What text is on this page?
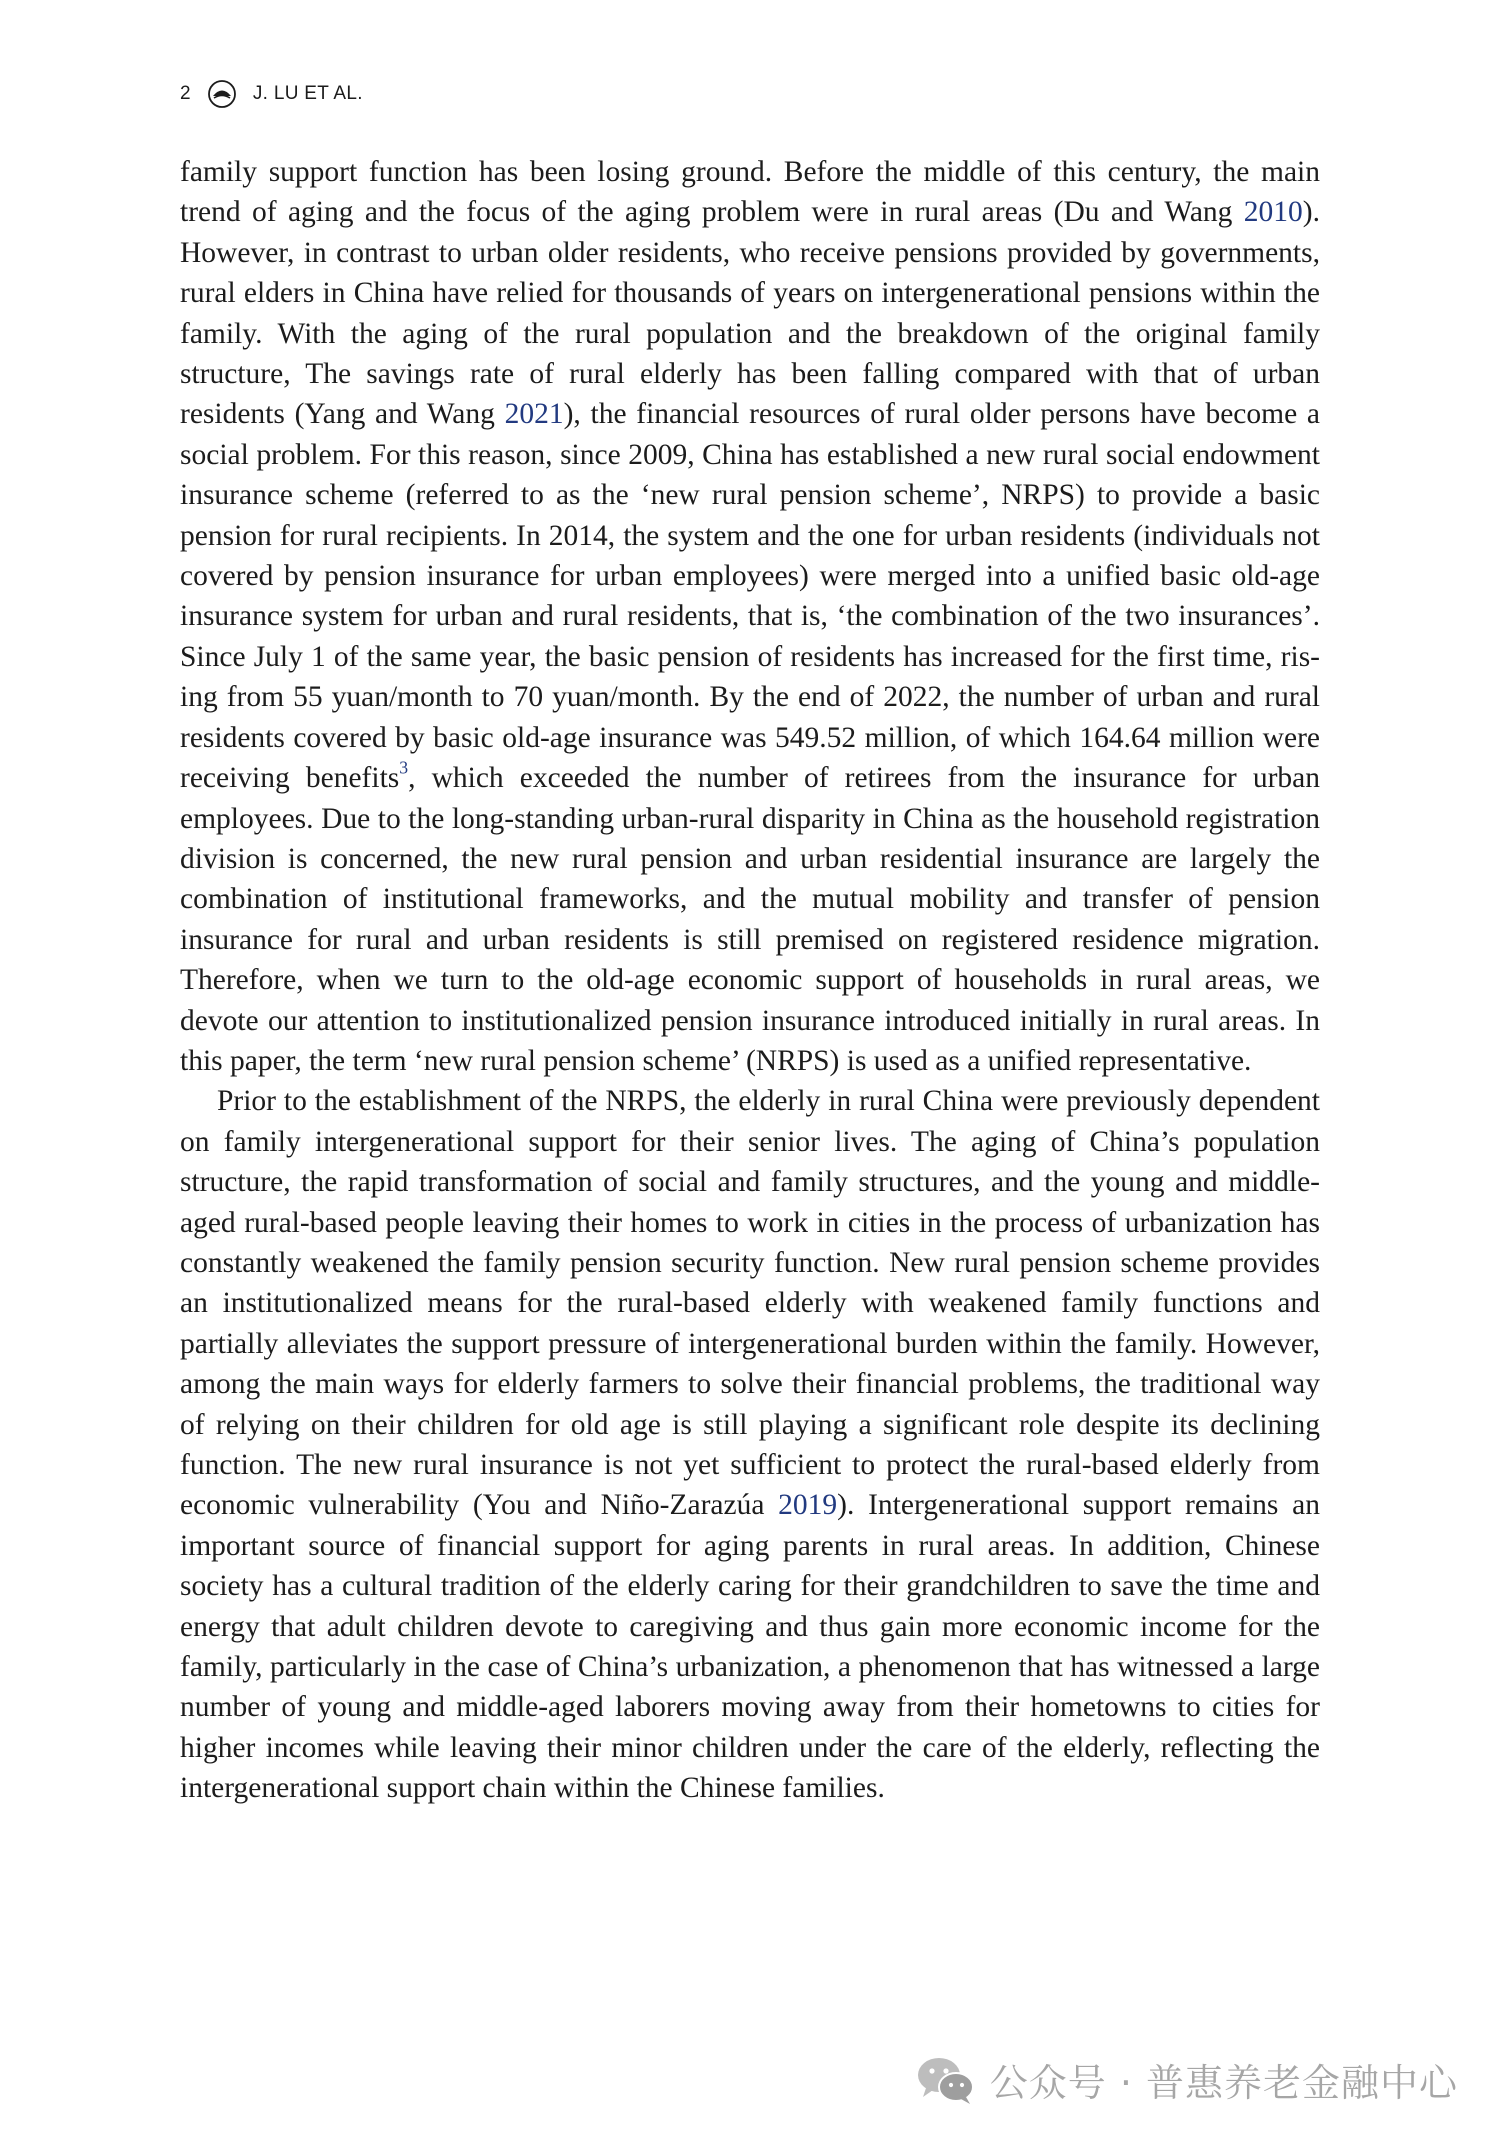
2	J. LU ET AL.

family support function has been losing ground. Before the middle of this century, the main trend of aging and the focus of the aging problem were in rural areas (Du and Wang 2010). However, in contrast to urban older residents, who receive pensions provided by governments, rural elders in China have relied for thousands of years on intergenerational pensions within the family. With the aging of the rural population and the breakdown of the original family structure, The savings rate of rural elderly has been falling compared with that of urban residents (Yang and Wang 2021), the financial resources of rural older persons have become a social problem. For this reason, since 2009, China has established a new rural social endowment insurance scheme (referred to as the ‘new rural pension scheme’, NRPS) to provide a basic pension for rural recipients. In 2014, the system and the one for urban residents (individuals not covered by pension insurance for urban employees) were merged into a unified basic old-age insurance system for urban and rural residents, that is, ‘the combination of the two insurances’. Since July 1 of the same year, the basic pension of residents has increased for the first time, rising from 55 yuan/month to 70 yuan/month. By the end of 2022, the number of urban and rural residents covered by basic old-age insurance was 549.52 million, of which 164.64 million were receiving benefits$^3$, which exceeded the number of retirees from the insurance for urban employees. Due to the long-standing urban-rural disparity in China as the household registration division is concerned, the new rural pension and urban residential insurance are largely the combination of institutional frameworks, and the mutual mobility and transfer of pension insurance for rural and urban residents is still premised on registered residence migration. Therefore, when we turn to the old-age economic support of households in rural areas, we devote our attention to institutionalized pension insurance introduced initially in rural areas. In this paper, the term ‘new rural pension scheme’ (NRPS) is used as a unified representative.

Prior to the establishment of the NRPS, the elderly in rural China were previously dependent on family intergenerational support for their senior lives. The aging of China’s population structure, the rapid transformation of social and family structures, and the young and middle-aged rural-based people leaving their homes to work in cities in the process of urbanization has constantly weakened the family pension security function. New rural pension scheme provides an institutionalized means for the rural-based elderly with weakened family functions and partially alleviates the support pressure of intergenerational burden within the family. However, among the main ways for elderly farmers to solve their financial problems, the traditional way of relying on their children for old age is still playing a significant role despite its declining function. The new rural insurance is not yet sufficient to protect the rural-based elderly from economic vulnerability (You and Niño-Zarazúa 2019). Intergenerational support remains an important source of financial support for aging parents in rural areas. In addition, Chinese society has a cultural tradition of the elderly caring for their grandchildren to save the time and energy that adult children devote to caregiving and thus gain more economic income for the family, particularly in the case of China’s urbanization, a phenomenon that has witnessed a large number of young and middle-aged laborers moving away from their hometowns to cities for higher incomes while leaving their minor children under the care of the elderly, reflecting the intergenerational support chain within the Chinese families.

公众号 · 普惠养老金融中心
